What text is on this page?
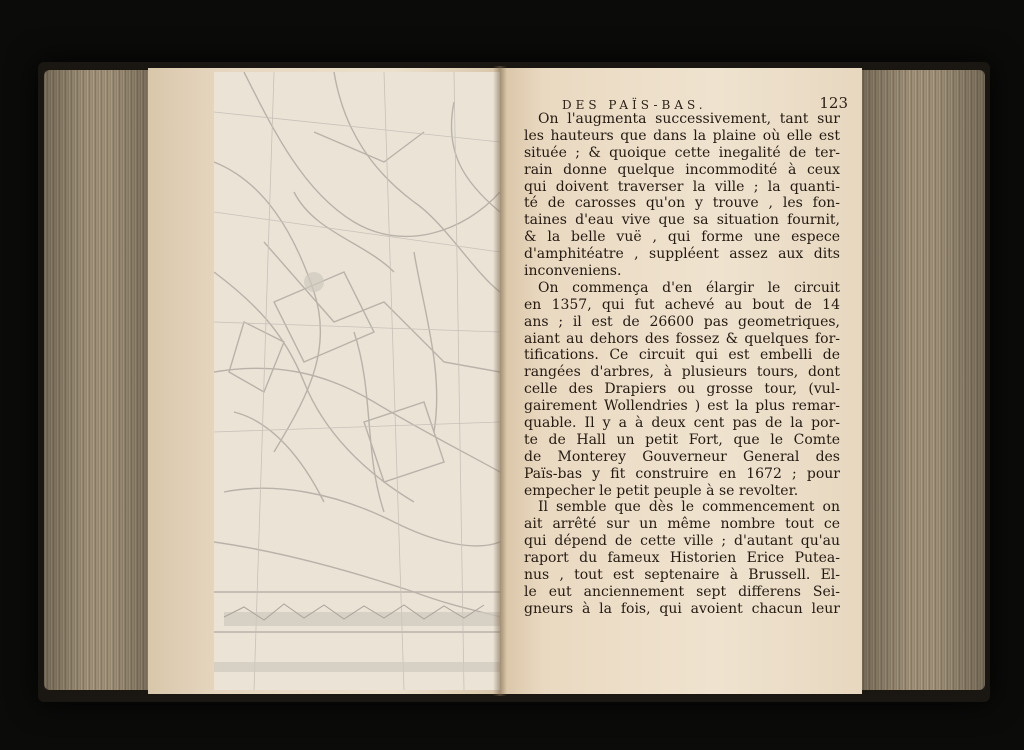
DES PAÏS-BAS.	123
On l'augmenta successivement, tant sur
les hauteurs que dans la plaine où elle est
située ; & quoique cette inegalité de ter-
rain donne quelque incommodité à ceux
qui doivent traverser la ville ; la quanti-
té de carosses qu'on y trouve , les fon-
taines d'eau vive que sa situation fournit,
& la belle vuë , qui forme une espece
d'amphitéatre , suppléent assez aux dits
inconveniens.
On commença d'en élargir le circuit
en 1357, qui fut achevé au bout de 14
ans ; il est de 26600 pas geometriques,
aiant au dehors des fossez & quelques for-
tifications. Ce circuit qui est embelli de
rangées d'arbres, à plusieurs tours, dont
celle des Drapiers ou grosse tour, (vul-
gairement Wollendries ) est la plus remar-
quable. Il y a à deux cent pas de la por-
te de Hall un petit Fort, que le Comte
de Monterey Gouverneur General des
Païs-bas y fit construire en 1672 ; pour
empecher le petit peuple à se revolter.
Il semble que dès le commencement on
ait arrêté sur un même nombre tout ce
qui dépend de cette ville ; d'autant qu'au
raport du fameux Historien Erice Putea-
nus , tout est septenaire à Brussell. El-
le eut anciennement sept differens Sei-
gneurs à la fois, qui avoient chacun leur
